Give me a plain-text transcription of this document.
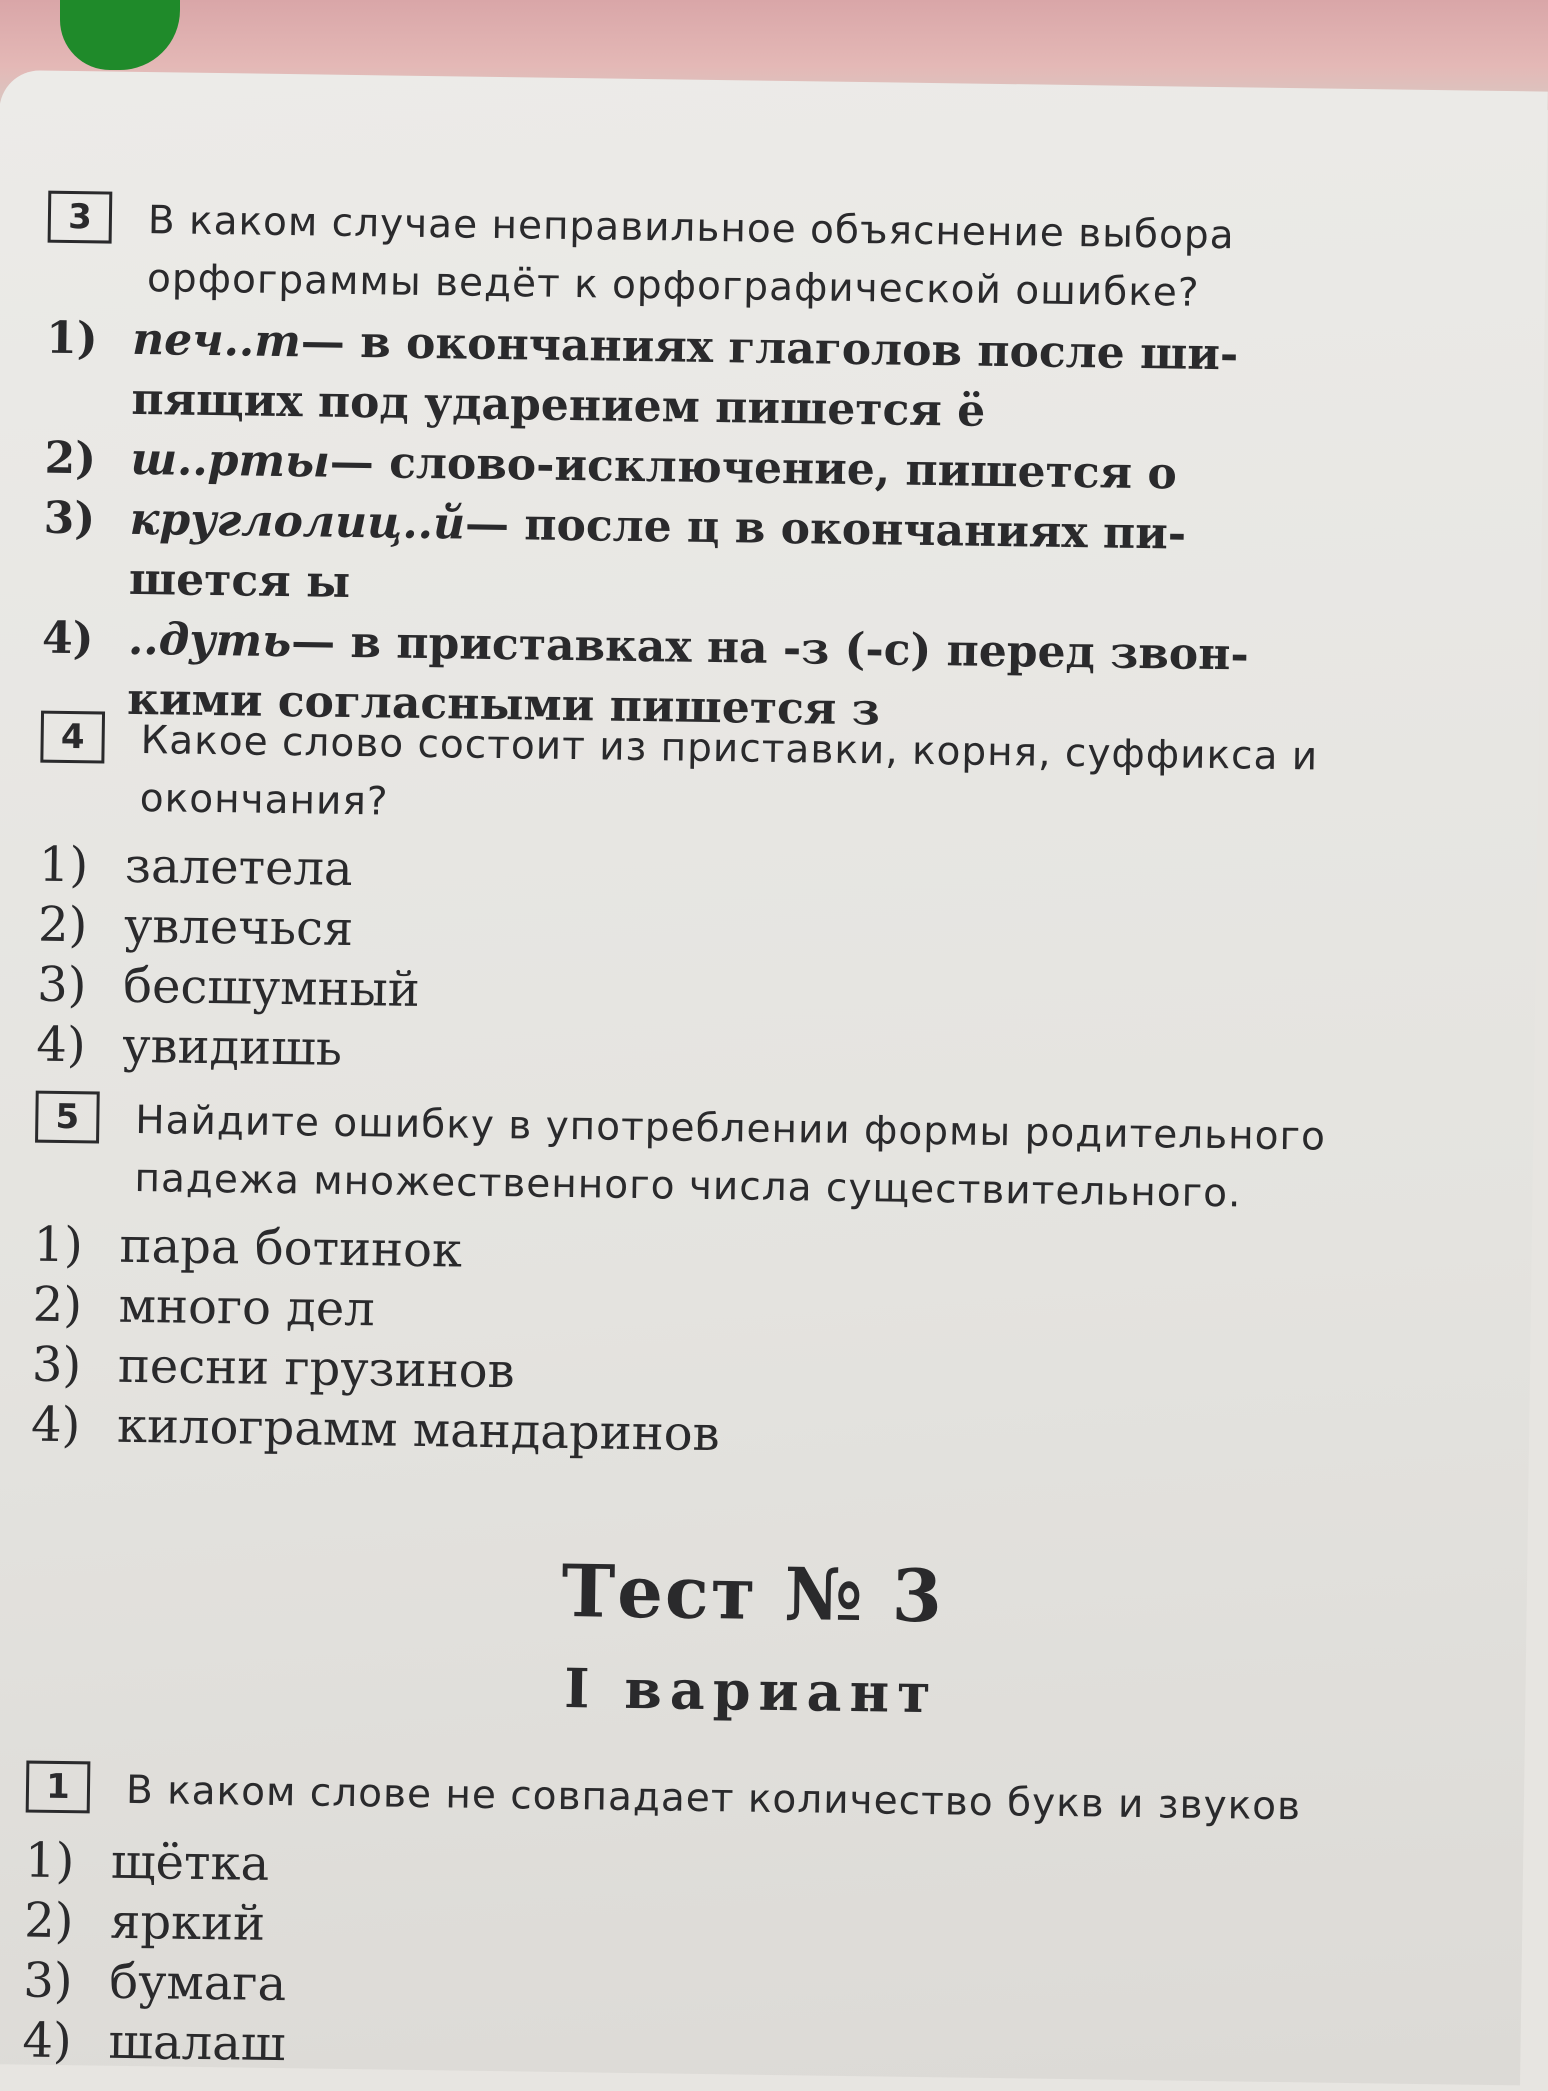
3	В каком случае неправильное объяснение выбора орфограммы ведёт к орфографической ошибке?
1) печ..т — в окончаниях глаголов после ши-
пящих под ударением пишется ё
2) ш..рты — слово-исключение, пишется о
3) круглолиц..й — после ц в окончаниях пи-
шется ы
4) ..дуть — в приставках на -з (-с) перед звон-
кими согласными пишется з
4	Какое слово состоит из приставки, корня, суффикса и окончания?
1) залетела
2) увлечься
3) бесшумный
4) увидишь
5	Найдите ошибку в употреблении формы родительного падежа множественного числа существительного.
1) пара ботинок
2) много дел
3) песни грузинов
4) килограмм мандаринов
Тест № 3
I вариант
1	В каком слове не совпадает количество букв и звуков
1) щётка
2) яркий
3) бумага
4) шалаш
